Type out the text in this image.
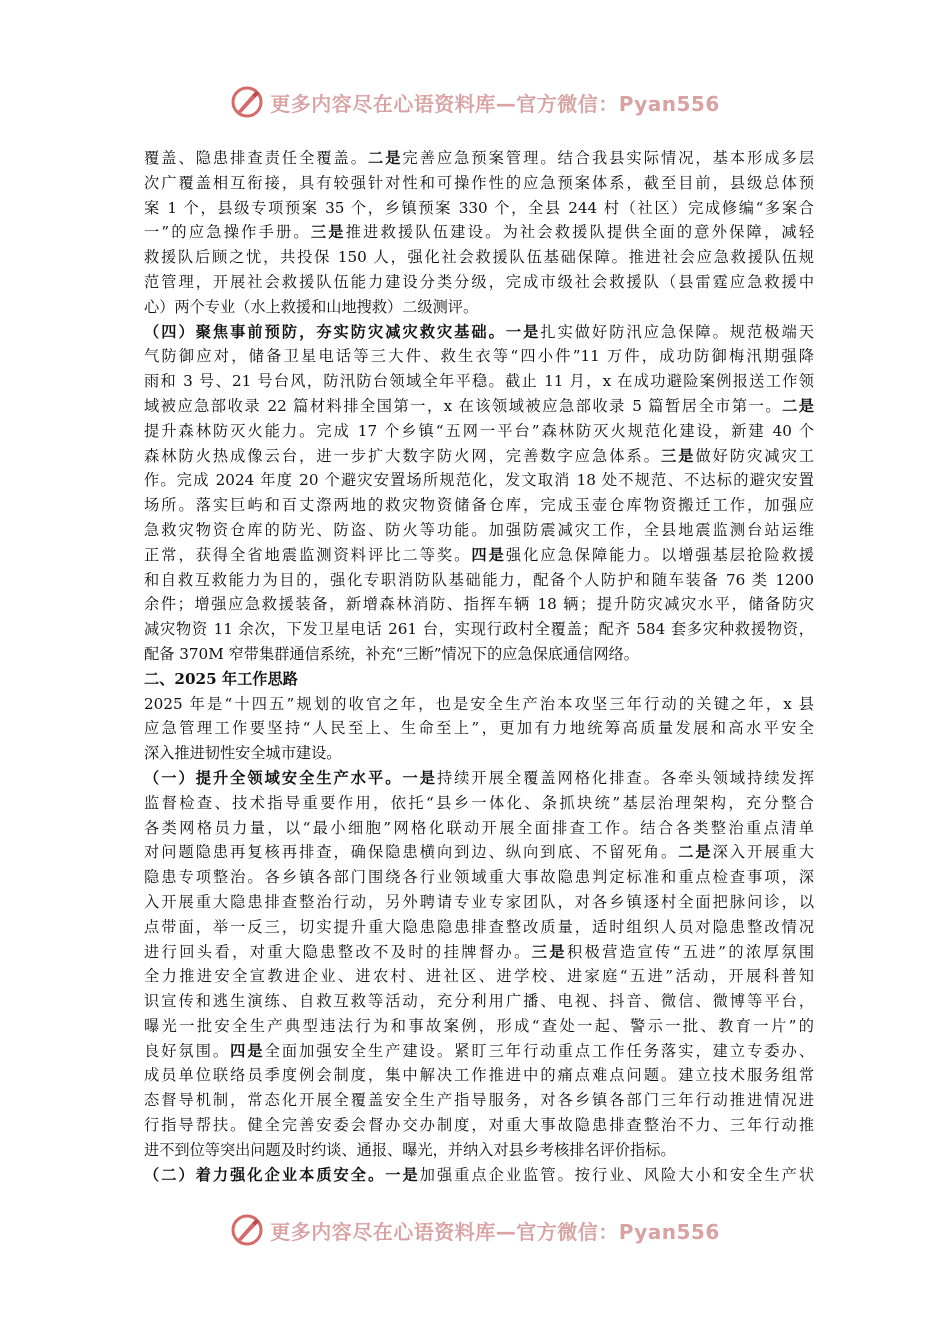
更多内容尽在心语资料库—官方微信：Pyan556
覆盖、隐患排查责任全覆盖。二是完善应急预案管理。结合我县实际情况，基本形成多层
次广覆盖相互衔接，具有较强针对性和可操作性的应急预案体系，截至目前，县级总体预
案 1 个，县级专项预案 35 个，乡镇预案 330 个，全县 244 村（社区）完成修编“多案合
一”的应急操作手册。三是推进救援队伍建设。为社会救援队提供全面的意外保障，减轻
救援队后顾之忧，共投保 150 人，强化社会救援队伍基础保障。推进社会应急救援队伍规
范管理，开展社会救援队伍能力建设分类分级，完成市级社会救援队（县雷霆应急救援中
心）两个专业（水上救援和山地搜救）二级测评。
（四）聚焦事前预防，夯实防灾减灾救灾基础。一是扎实做好防汛应急保障。规范极端天
气防御应对，储备卫星电话等三大件、救生衣等“四小件”11 万件，成功防御梅汛期强降
雨和 3 号、21 号台风，防汛防台领域全年平稳。截止 11 月，x 在成功避险案例报送工作领
域被应急部收录 22 篇材料排全国第一，x 在该领域被应急部收录 5 篇暂居全市第一。二是
提升森林防灭火能力。完成 17 个乡镇“五网一平台”森林防灭火规范化建设，新建 40 个
森林防火热成像云台，进一步扩大数字防火网，完善数字应急体系。三是做好防灾减灾工
作。完成 2024 年度 20 个避灾安置场所规范化，发文取消 18 处不规范、不达标的避灾安置
场所。落实巨屿和百丈漈两地的救灾物资储备仓库，完成玉壶仓库物资搬迁工作，加强应
急救灾物资仓库的防光、防盗、防火等功能。加强防震减灾工作，全县地震监测台站运维
正常，获得全省地震监测资料评比二等奖。四是强化应急保障能力。以增强基层抢险救援
和自救互救能力为目的，强化专职消防队基础能力，配备个人防护和随车装备 76 类 1200
余件；增强应急救援装备，新增森林消防、指挥车辆 18 辆；提升防灾减灾水平，储备防灾
减灾物资 11 余次，下发卫星电话 261 台，实现行政村全覆盖；配齐 584 套多灾种救援物资，
配备 370M 窄带集群通信系统，补充“三断”情况下的应急保底通信网络。
二、2025 年工作思路
2025 年是“十四五”规划的收官之年，也是安全生产治本攻坚三年行动的关键之年，x 县
应急管理工作要坚持“人民至上、生命至上”，更加有力地统筹高质量发展和高水平安全
深入推进韧性安全城市建设。
（一）提升全领域安全生产水平。一是持续开展全覆盖网格化排查。各牵头领域持续发挥
监督检查、技术指导重要作用，依托“县乡一体化、条抓块统”基层治理架构，充分整合
各类网格员力量，以“最小细胞”网格化联动开展全面排查工作。结合各类整治重点清单
对问题隐患再复核再排查，确保隐患横向到边、纵向到底、不留死角。二是深入开展重大
隐患专项整治。各乡镇各部门围绕各行业领域重大事故隐患判定标准和重点检查事项，深
入开展重大隐患排查整治行动，另外聘请专业专家团队，对各乡镇逐村全面把脉问诊，以
点带面，举一反三，切实提升重大隐患隐患排查整改质量，适时组织人员对隐患整改情况
进行回头看，对重大隐患整改不及时的挂牌督办。三是积极营造宣传“五进”的浓厚氛围
全力推进安全宣教进企业、进农村、进社区、进学校、进家庭“五进”活动，开展科普知
识宣传和逃生演练、自救互救等活动，充分利用广播、电视、抖音、微信、微博等平台，
曝光一批安全生产典型违法行为和事故案例，形成“查处一起、警示一批、教育一片”的
良好氛围。四是全面加强安全生产建设。紧盯三年行动重点工作任务落实，建立专委办、
成员单位联络员季度例会制度，集中解决工作推进中的痛点难点问题。建立技术服务组常
态督导机制，常态化开展全覆盖安全生产指导服务，对各乡镇各部门三年行动推进情况进
行指导帮扶。健全完善安委会督办交办制度，对重大事故隐患排查整治不力、三年行动推
进不到位等突出问题及时约谈、通报、曝光，并纳入对县乡考核排名评价指标。
（二）着力强化企业本质安全。一是加强重点企业监管。按行业、风险大小和安全生产状
更多内容尽在心语资料库—官方微信：Pyan556
